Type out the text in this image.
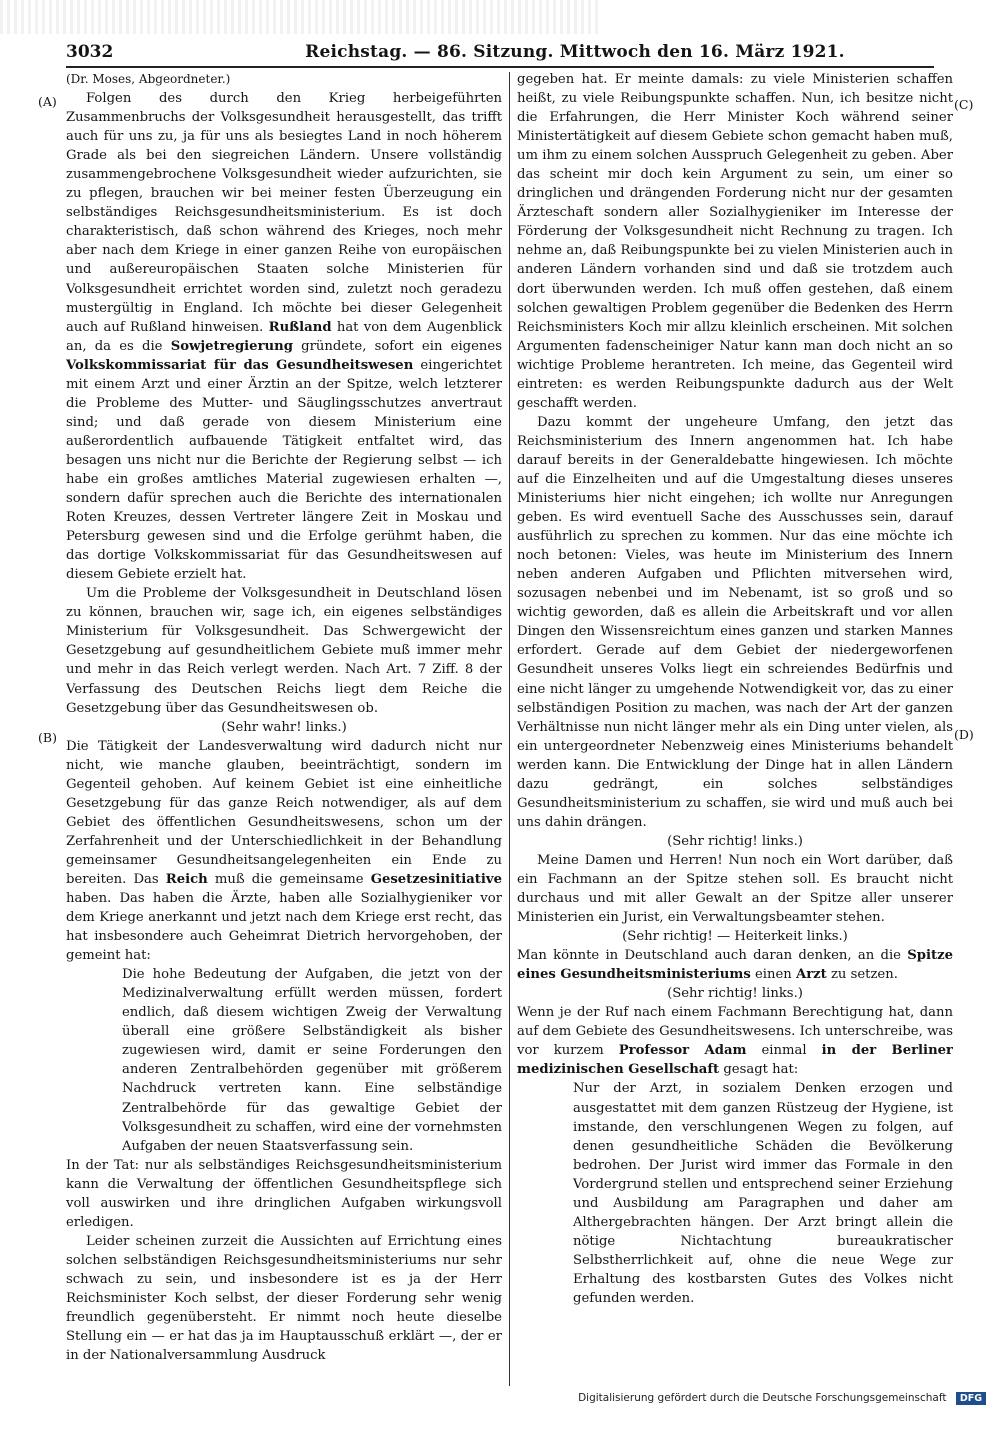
3032	Reichstag. — 86. Sitzung. Mittwoch den 16. März 1921.
(A)
(B)
(C)
(D)

(Dr. Moses, Abgeordneter.)

Folgen des durch den Krieg herbeigeführten Zusammenbruchs der Volksgesundheit herausgestellt, das trifft auch für uns zu, ja für uns als besiegtes Land in noch höherem Grade als bei den siegreichen Ländern. Unsere vollständig zusammengebrochene Volksgesundheit wieder aufzurichten, sie zu pflegen, brauchen wir bei meiner festen Überzeugung ein selbständiges Reichsgesundheitsministerium. Es ist doch charakteristisch, daß schon während des Krieges, noch mehr aber nach dem Kriege in einer ganzen Reihe von europäischen und außereuropäischen Staaten solche Ministerien für Volksgesundheit errichtet worden sind, zuletzt noch geradezu mustergültig in England. Ich möchte bei dieser Gelegenheit auch auf Rußland hinweisen. Rußland hat von dem Augenblick an, da es die Sowjetregierung gründete, sofort ein eigenes Volkskommissariat für das Gesundheitswesen eingerichtet mit einem Arzt und einer Ärztin an der Spitze, welch letzterer die Probleme des Mutter- und Säuglingsschutzes anvertraut sind; und daß gerade von diesem Ministerium eine außerordentlich aufbauende Tätigkeit entfaltet wird, das besagen uns nicht nur die Berichte der Regierung selbst — ich habe ein großes amtliches Material zugewiesen erhalten —, sondern dafür sprechen auch die Berichte des internationalen Roten Kreuzes, dessen Vertreter längere Zeit in Moskau und Petersburg gewesen sind und die Erfolge gerühmt haben, die das dortige Volkskommissariat für das Gesundheitswesen auf diesem Gebiete erzielt hat.

Um die Probleme der Volksgesundheit in Deutschland lösen zu können, brauchen wir, sage ich, ein eigenes selbständiges Ministerium für Volksgesundheit. Das Schwergewicht der Gesetzgebung auf gesundheitlichem Gebiete muß immer mehr und mehr in das Reich verlegt werden. Nach Art. 7 Ziff. 8 der Verfassung des Deutschen Reichs liegt dem Reiche die Gesetzgebung über das Gesundheitswesen ob.

(Sehr wahr! links.)

Die Tätigkeit der Landesverwaltung wird dadurch nicht nur nicht, wie manche glauben, beeinträchtigt, sondern im Gegenteil gehoben. Auf keinem Gebiet ist eine einheitliche Gesetzgebung für das ganze Reich notwendiger, als auf dem Gebiet des öffentlichen Gesundheitswesens, schon um der Zerfahrenheit und der Unterschiedlichkeit in der Behandlung gemeinsamer Gesundheitsangelegenheiten ein Ende zu bereiten. Das Reich muß die gemeinsame Gesetzesinitiative haben. Das haben die Ärzte, haben alle Sozialhygieniker vor dem Kriege anerkannt und jetzt nach dem Kriege erst recht, das hat insbesondere auch Geheimrat Dietrich hervorgehoben, der gemeint hat:

Die hohe Bedeutung der Aufgaben, die jetzt von der Medizinalverwaltung erfüllt werden müssen, fordert endlich, daß diesem wichtigen Zweig der Verwaltung überall eine größere Selbständigkeit als bisher zugewiesen wird, damit er seine Forderungen den anderen Zentralbehörden gegenüber mit größerem Nachdruck vertreten kann. Eine selbständige Zentralbehörde für das gewaltige Gebiet der Volksgesundheit zu schaffen, wird eine der vornehmsten Aufgaben der neuen Staatsverfassung sein.

In der Tat: nur als selbständiges Reichsgesundheitsministerium kann die Verwaltung der öffentlichen Gesundheitspflege sich voll auswirken und ihre dringlichen Aufgaben wirkungsvoll erledigen.

Leider scheinen zurzeit die Aussichten auf Errichtung eines solchen selbständigen Reichsgesundheitsministeriums nur sehr schwach zu sein, und insbesondere ist es ja der Herr Reichsminister Koch selbst, der dieser Forderung sehr wenig freundlich gegenübersteht. Er nimmt noch heute dieselbe Stellung ein — er hat das ja im Hauptausschuß erklärt —, der er in der Nationalversammlung Ausdruck

gegeben hat. Er meinte damals: zu viele Ministerien schaffen heißt, zu viele Reibungspunkte schaffen. Nun, ich besitze nicht die Erfahrungen, die Herr Minister Koch während seiner Ministertätigkeit auf diesem Gebiete schon gemacht haben muß, um ihm zu einem solchen Ausspruch Gelegenheit zu geben. Aber das scheint mir doch kein Argument zu sein, um einer so dringlichen und drängenden Forderung nicht nur der gesamten Ärzteschaft sondern aller Sozialhygieniker im Interesse der Förderung der Volksgesundheit nicht Rechnung zu tragen. Ich nehme an, daß Reibungspunkte bei zu vielen Ministerien auch in anderen Ländern vorhanden sind und daß sie trotzdem auch dort überwunden werden. Ich muß offen gestehen, daß einem solchen gewaltigen Problem gegenüber die Bedenken des Herrn Reichsministers Koch mir allzu kleinlich erscheinen. Mit solchen Argumenten fadenscheiniger Natur kann man doch nicht an so wichtige Probleme herantreten. Ich meine, das Gegenteil wird eintreten: es werden Reibungspunkte dadurch aus der Welt geschafft werden.

Dazu kommt der ungeheure Umfang, den jetzt das Reichsministerium des Innern angenommen hat. Ich habe darauf bereits in der Generaldebatte hingewiesen. Ich möchte auf die Einzelheiten und auf die Umgestaltung dieses unseres Ministeriums hier nicht eingehen; ich wollte nur Anregungen geben. Es wird eventuell Sache des Ausschusses sein, darauf ausführlich zu sprechen zu kommen. Nur das eine möchte ich noch betonen: Vieles, was heute im Ministerium des Innern neben anderen Aufgaben und Pflichten mitversehen wird, sozusagen nebenbei und im Nebenamt, ist so groß und so wichtig geworden, daß es allein die Arbeitskraft und vor allen Dingen den Wissensreichtum eines ganzen und starken Mannes erfordert. Gerade auf dem Gebiet der niedergeworfenen Gesundheit unseres Volks liegt ein schreiendes Bedürfnis und eine nicht länger zu umgehende Notwendigkeit vor, das zu einer selbständigen Position zu machen, was nach der Art der ganzen Verhältnisse nun nicht länger mehr als ein Ding unter vielen, als ein untergeordneter Nebenzweig eines Ministeriums behandelt werden kann. Die Entwicklung der Dinge hat in allen Ländern dazu gedrängt, ein solches selbständiges Gesundheitsministerium zu schaffen, sie wird und muß auch bei uns dahin drängen.

(Sehr richtig! links.)

Meine Damen und Herren! Nun noch ein Wort darüber, daß ein Fachmann an der Spitze stehen soll. Es braucht nicht durchaus und mit aller Gewalt an der Spitze aller unserer Ministerien ein Jurist, ein Verwaltungsbeamter stehen.

(Sehr richtig! — Heiterkeit links.)

Man könnte in Deutschland auch daran denken, an die Spitze eines Gesundheitsministeriums einen Arzt zu setzen.

(Sehr richtig! links.)

Wenn je der Ruf nach einem Fachmann Berechtigung hat, dann auf dem Gebiete des Gesundheitswesens. Ich unterschreibe, was vor kurzem Professor Adam einmal in der Berliner medizinischen Gesellschaft gesagt hat:

Nur der Arzt, in sozialem Denken erzogen und ausgestattet mit dem ganzen Rüstzeug der Hygiene, ist imstande, den verschlungenen Wegen zu folgen, auf denen gesundheitliche Schäden die Bevölkerung bedrohen. Der Jurist wird immer das Formale in den Vordergrund stellen und entsprechend seiner Erziehung und Ausbildung am Paragraphen und daher am Althergebrachten hängen. Der Arzt bringt allein die nötige Nichtachtung bureaukratischer Selbstherrlichkeit auf, ohne die neue Wege zur Erhaltung des kostbarsten Gutes des Volkes nicht gefunden werden.

Digitalisierung gefördert durch die Deutsche Forschungsgemeinschaft DFG
